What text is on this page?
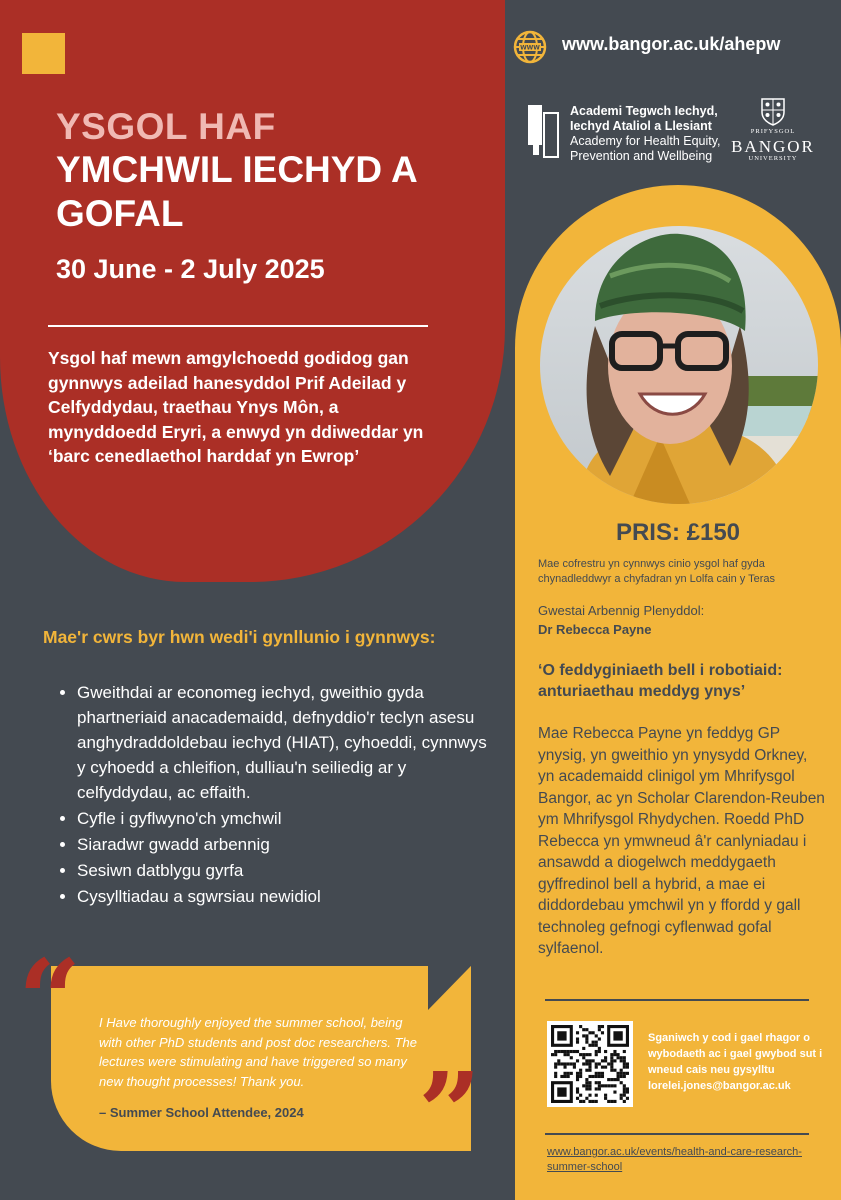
YSGOL HAF
YMCHWIL IECHYD A GOFAL
30 June - 2 July 2025
Ysgol haf mewn amgylchoedd godidog gan gynnwys adeilad hanesyddol Prif Adeilad y Celfyddydau, traethau Ynys Môn, a mynyddoedd Eryri, a enwyd yn ddiweddar yn ‘barc cenedlaethol harddaf yn Ewrop’
Mae'r cwrs byr hwn wedi'i gynllunio i gynnwys:
• Gweithdai ar economeg iechyd, gweithio gyda phartneriaid anacademaidd, defnyddio'r teclyn asesu anghydraddoldebau iechyd (HIAT), cyhoeddi, cynnwys y cyhoedd a chleifion, dulliau'n seiliedig ar y celfyddydau, ac effaith.
• Cyfle i gyflwyno'ch ymchwil
• Siaradwr gwadd arbennig
• Sesiwn datblygu gyrfa
• Cysylltiadau a sgwrsiau newidiol
“ I Have thoroughly enjoyed the summer school, being with other PhD students and post doc researchers. The lectures were stimulating and have triggered so many new thought processes! Thank you.
– Summer School Attendee, 2024 ”
WWW www.bangor.ac.uk/ahepw
Academi Tegwch Iechyd, Iechyd Ataliol a Llesiant
Academy for Health Equity, Prevention and Wellbeing
PRIFYSGOL
BANGOR
UNIVERSITY
PRIS: £150
Mae cofrestru yn cynnwys cinio ysgol haf gyda chynadleddwyr a chyfadran yn Lolfa cain y Teras
Gwestai Arbennig Plenyddol:
Dr Rebecca Payne
‘O feddyginiaeth bell i robotiaid: anturiaethau meddyg ynys’
Mae Rebecca Payne yn feddyg GP ynysig, yn gweithio yn ynysydd Orkney, yn academaidd clinigol ym Mhrifysgol Bangor, ac yn Scholar Clarendon-Reuben ym Mhrifysgol Rhydychen. Roedd PhD Rebecca yn ymwneud â'r canlyniadau i ansawdd a diogelwch meddygaeth gyffredinol bell a hybrid, a mae ei diddordebau ymchwil yn y ffordd y gall technoleg gefnogi cyflenwad gofal sylfaenol.
Sganiwch y cod i gael rhagor o wybodaeth ac i gael gwybod sut i wneud cais neu gysylltu lorelei.jones@bangor.ac.uk
www.bangor.ac.uk/events/health-and-care-research-summer-school
